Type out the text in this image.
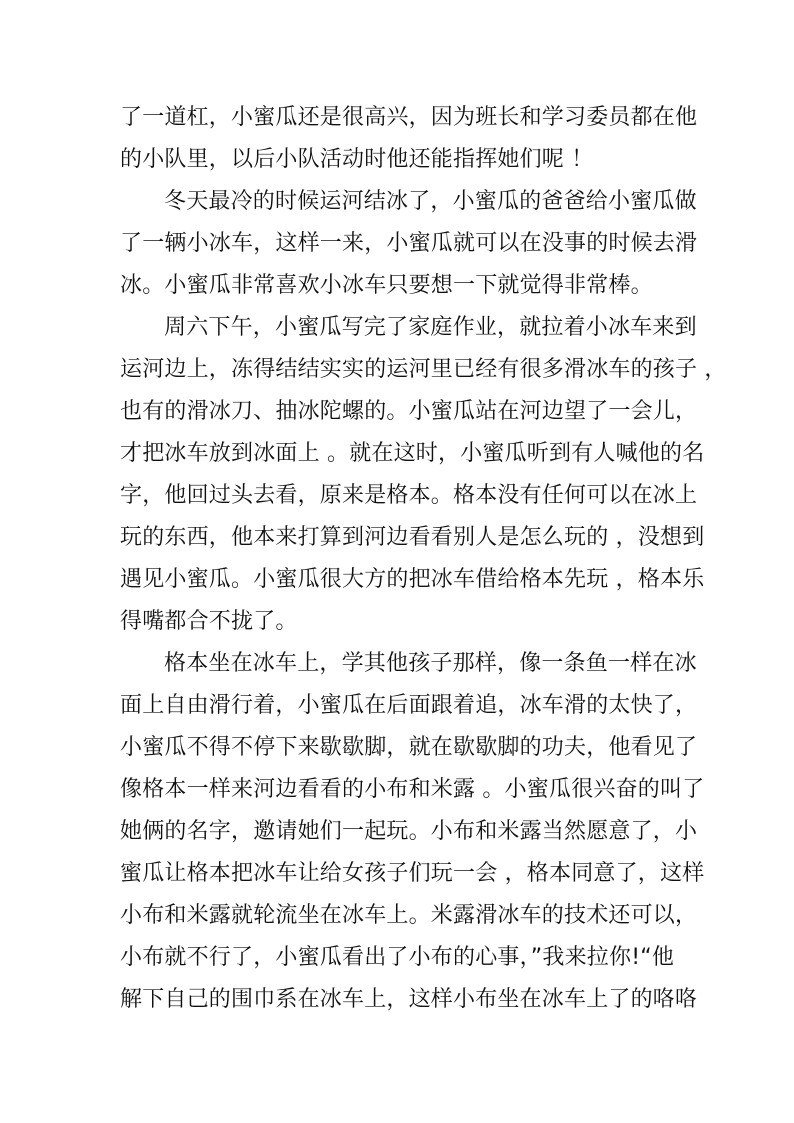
了一道杠，小蜜瓜还是很高兴，因为班长和学习委员都在他
的小队里，以后小队活动时他还能指挥她们呢 ！
冬天最冷的时候运河结冰了，小蜜瓜的爸爸给小蜜瓜做
了一辆小冰车，这样一来，小蜜瓜就可以在没事的时候去滑
冰。小蜜瓜非常喜欢小冰车只要想一下就觉得非常棒。
周六下午，小蜜瓜写完了家庭作业，就拉着小冰车来到
运河边上，冻得结结实实的运河里已经有很多滑冰车的孩子 ，
也有的滑冰刀、抽冰陀螺的。小蜜瓜站在河边望了一会儿，
才把冰车放到冰面上 。就在这时，小蜜瓜听到有人喊他的名
字，他回过头去看，原来是格本。格本没有任何可以在冰上
玩的东西，他本来打算到河边看看别人是怎么玩的 ，没想到
遇见小蜜瓜。小蜜瓜很大方的把冰车借给格本先玩 ，格本乐
得嘴都合不拢了。
格本坐在冰车上，学其他孩子那样，像一条鱼一样在冰
面上自由滑行着，小蜜瓜在后面跟着追，冰车滑的太快了，
小蜜瓜不得不停下来歇歇脚，就在歇歇脚的功夫，他看见了
像格本一样来河边看看的小布和米露 。小蜜瓜很兴奋的叫了
她俩的名字，邀请她们一起玩。小布和米露当然愿意了，小
蜜瓜让格本把冰车让给女孩子们玩一会 ，格本同意了，这样
小布和米露就轮流坐在冰车上。米露滑冰车的技术还可以，
小布就不行了，小蜜瓜看出了小布的心事，”我来拉你!“他
解下自己的围巾系在冰车上，这样小布坐在冰车上了的咯咯
